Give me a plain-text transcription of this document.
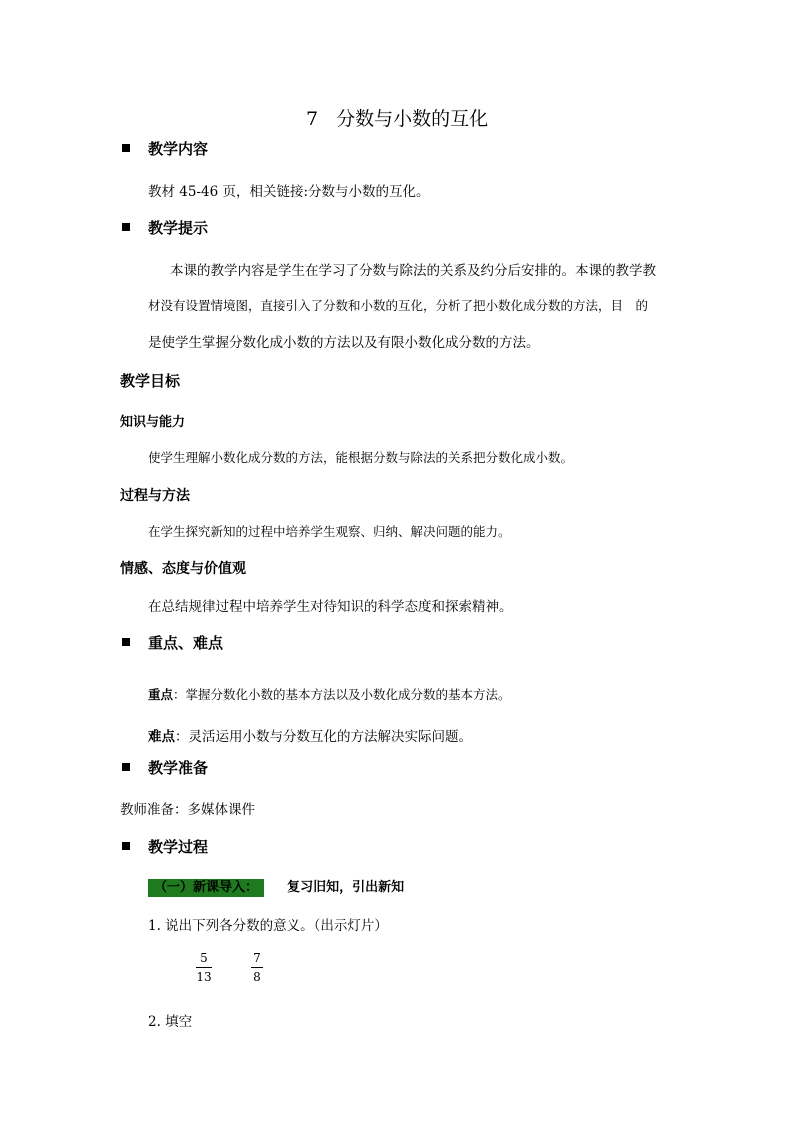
7 分数与小数的互化
教学内容
教材 45-46 页，相关链接:分数与小数的互化。
教学提示
本课的教学内容是学生在学习了分数与除法的关系及约分后安排的。本课的教学教
材没有设置情境图，直接引入了分数和小数的互化，分析了把小数化成分数的方法，目　的
是使学生掌握分数化成小数的方法以及有限小数化成分数的方法。
教学目标
知识与能力
使学生理解小数化成分数的方法，能根据分数与除法的关系把分数化成小数。
过程与方法
在学生探究新知的过程中培养学生观察、归纳、解决问题的能力。
情感、态度与价值观
在总结规律过程中培养学生对待知识的科学态度和探索精神。
重点、难点
重点：掌握分数化小数的基本方法以及小数化成分数的基本方法。
难点：灵活运用小数与分数互化的方法解决实际问题。
教学准备
教师准备：多媒体课件
教学过程
（一）新课导入： 复习旧知，引出新知
1. 说出下列各分数的意义。（出示灯片）
5
13
7
8
2. 填空
